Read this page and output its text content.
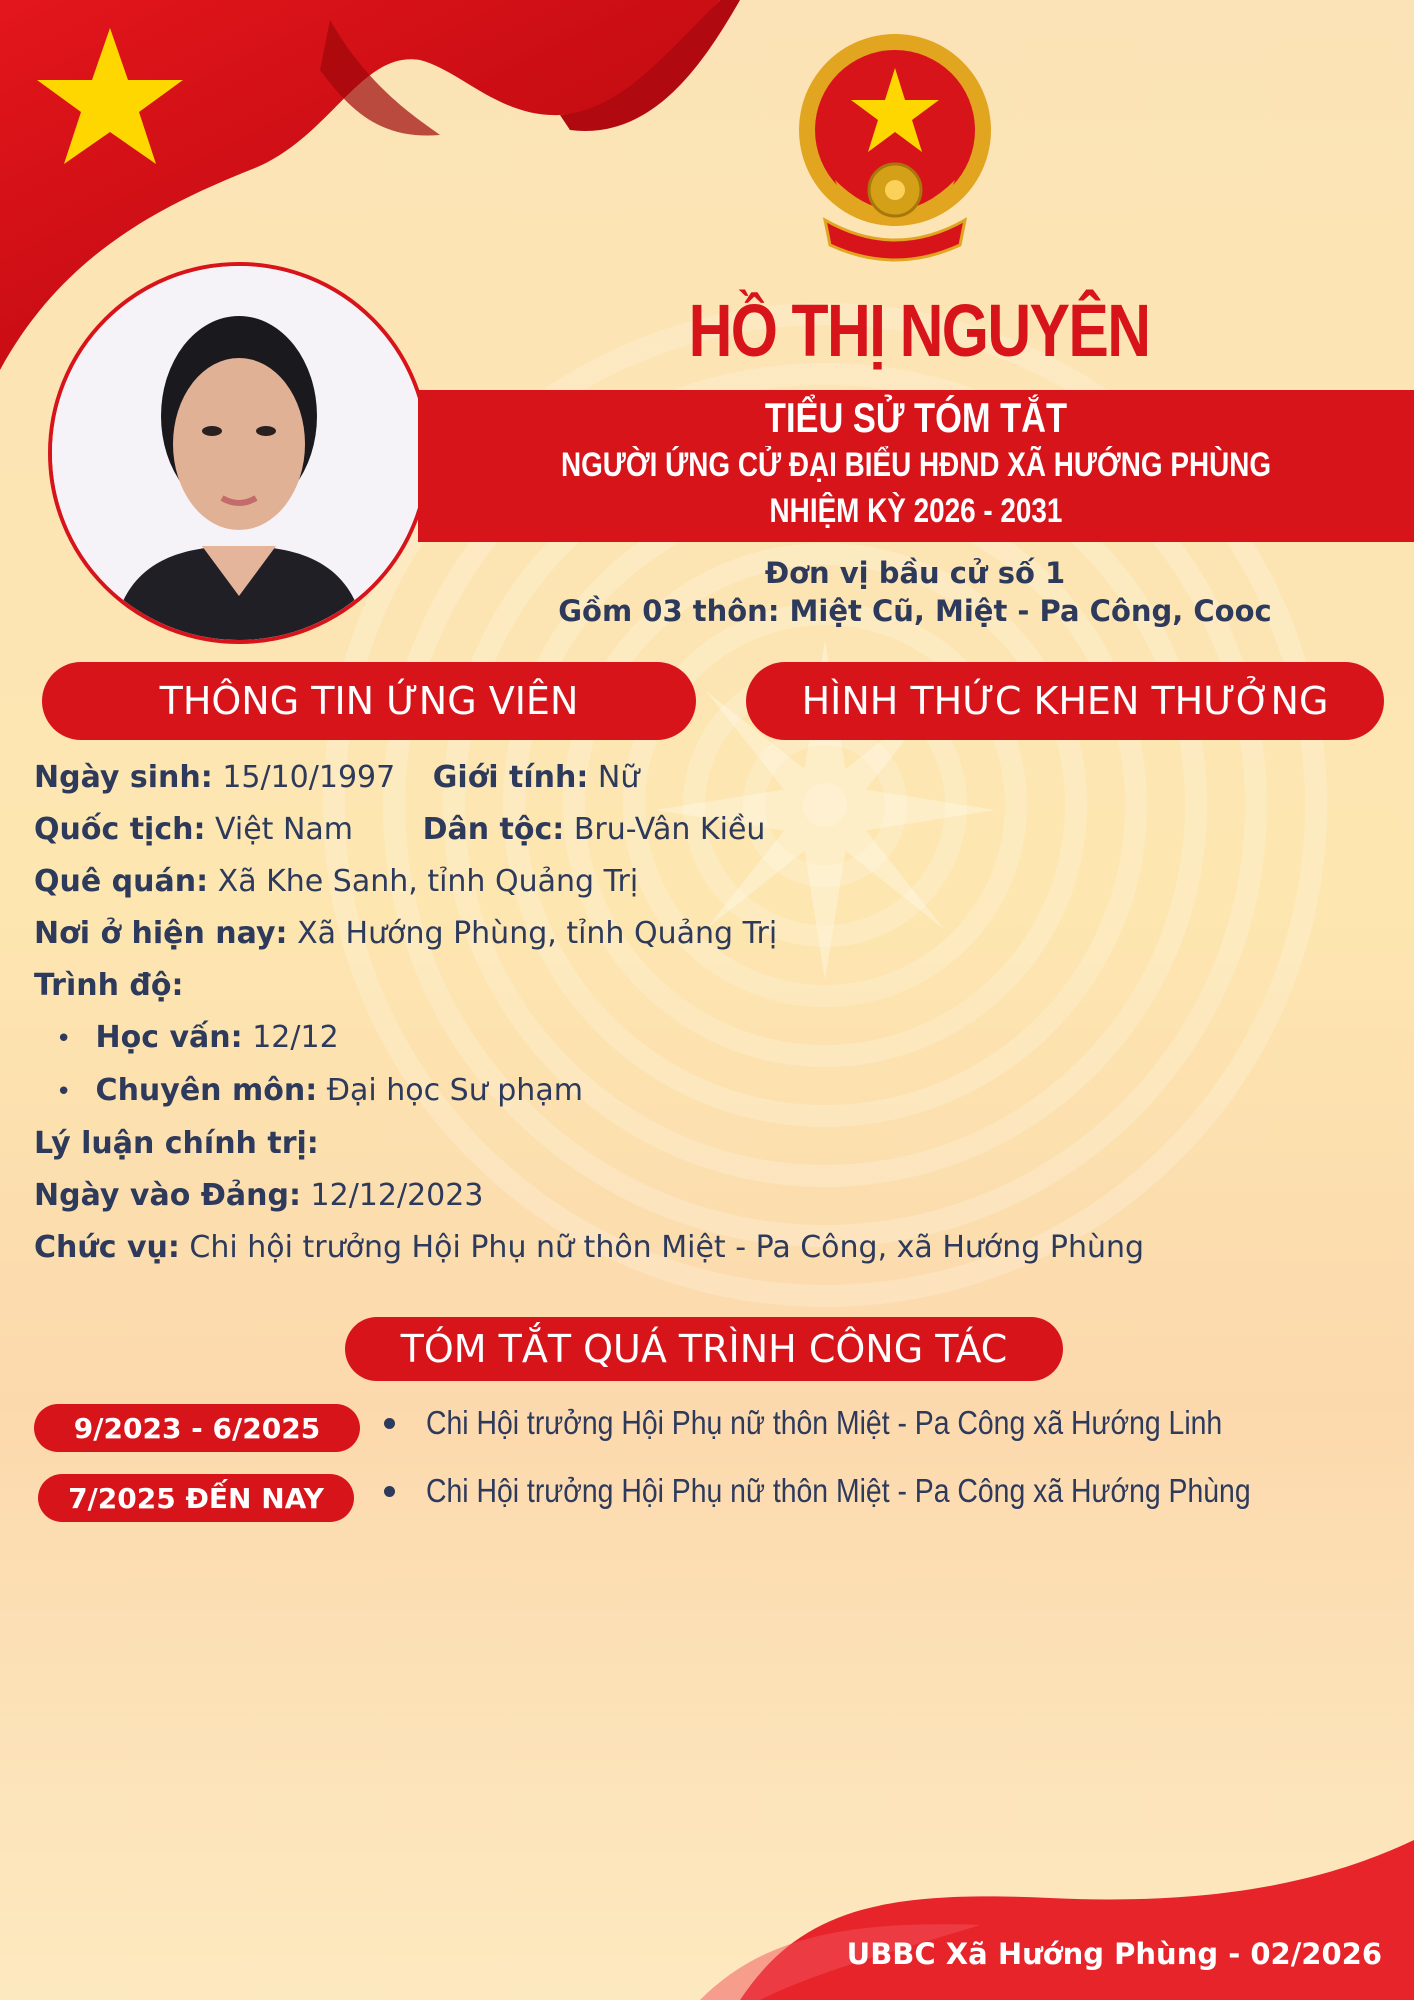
HỒ THỊ NGUYÊN
TIỂU SỬ TÓM TẮT
NGƯỜI ỨNG CỬ ĐẠI BIỂU HĐND XÃ HƯỚNG PHÙNG
NHIỆM KỲ 2026 - 2031
Đơn vị bầu cử số 1
Gồm 03 thôn: Miệt Cũ, Miệt - Pa Công, Cooc
THÔNG TIN ỨNG VIÊN	HÌNH THỨC KHEN THƯỞNG
Ngày sinh: 15/10/1997 Giới tính: Nữ
Quốc tịch: Việt Nam Dân tộc: Bru-Vân Kiều
Quê quán: Xã Khe Sanh, tỉnh Quảng Trị
Nơi ở hiện nay: Xã Hướng Phùng, tỉnh Quảng Trị
Trình độ:
• Học vấn: 12/12
• Chuyên môn: Đại học Sư phạm
Lý luận chính trị:
Ngày vào Đảng: 12/12/2023
Chức vụ: Chi hội trưởng Hội Phụ nữ thôn Miệt - Pa Công, xã Hướng Phùng
TÓM TẮT QUÁ TRÌNH CÔNG TÁC
9/2023 - 6/2025	Chi Hội trưởng Hội Phụ nữ thôn Miệt - Pa Công xã Hướng Linh
7/2025 ĐẾN NAY	Chi Hội trưởng Hội Phụ nữ thôn Miệt - Pa Công xã Hướng Phùng
UBBC Xã Hướng Phùng - 02/2026
